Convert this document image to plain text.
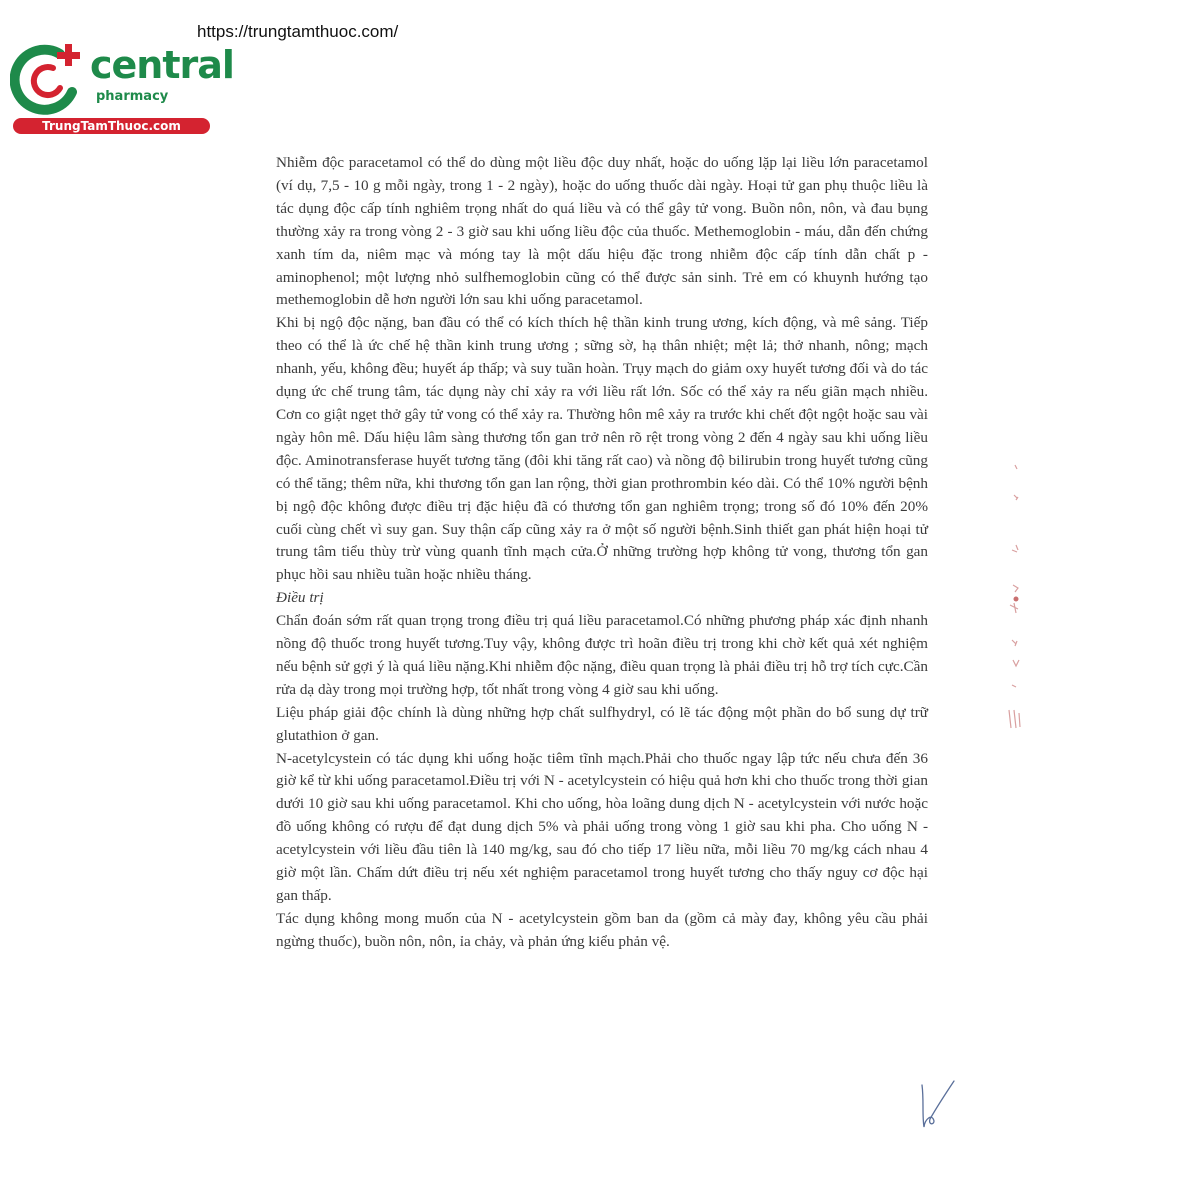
https://trungtamthuoc.com/
central
pharmacy
TrungTamThuoc.com

Nhiễm độc paracetamol có thể do dùng một liều độc duy nhất, hoặc do uống lặp lại liều lớn paracetamol (ví dụ, 7,5 - 10 g mỗi ngày, trong 1 - 2 ngày), hoặc do uống thuốc dài ngày. Hoại tử gan phụ thuộc liều là tác dụng độc cấp tính nghiêm trọng nhất do quá liều và có thể gây tử vong. Buồn nôn, nôn, và đau bụng thường xảy ra trong vòng 2 - 3 giờ sau khi uống liều độc của thuốc. Methemoglobin - máu, dẫn đến chứng xanh tím da, niêm mạc và móng tay là một dấu hiệu đặc trong nhiễm độc cấp tính dẫn chất p - aminophenol; một lượng nhỏ sulfhemoglobin cũng có thể được sản sinh. Trẻ em có khuynh hướng tạo methemoglobin dễ hơn người lớn sau khi uống paracetamol.

Khi bị ngộ độc nặng, ban đầu có thể có kích thích hệ thần kinh trung ương, kích động, và mê sảng. Tiếp theo có thể là ức chế hệ thần kinh trung ương ; sững sờ, hạ thân nhiệt; mệt lả; thở nhanh, nông; mạch nhanh, yếu, không đều; huyết áp thấp; và suy tuần hoàn. Trụy mạch do giảm oxy huyết tương đối và do tác dụng ức chế trung tâm, tác dụng này chỉ xảy ra với liều rất lớn. Sốc có thể xảy ra nếu giãn mạch nhiều. Cơn co giật ngẹt thở gây tử vong có thể xảy ra. Thường hôn mê xảy ra trước khi chết đột ngột hoặc sau vài ngày hôn mê. Dấu hiệu lâm sàng thương tổn gan trở nên rõ rệt trong vòng 2 đến 4 ngày sau khi uống liều độc. Aminotransferase huyết tương tăng (đôi khi tăng rất cao) và nồng độ bilirubin trong huyết tương cũng có thể tăng; thêm nữa, khi thương tổn gan lan rộng, thời gian prothrombin kéo dài. Có thể 10% người bệnh bị ngộ độc không được điều trị đặc hiệu đã có thương tổn gan nghiêm trọng; trong số đó 10% đến 20% cuối cùng chết vì suy gan. Suy thận cấp cũng xảy ra ở một số người bệnh.Sinh thiết gan phát hiện hoại tử trung tâm tiểu thùy trừ vùng quanh tĩnh mạch cửa.Ở những trường hợp không tử vong, thương tổn gan phục hồi sau nhiều tuần hoặc nhiều tháng.

Điều trị

Chẩn đoán sớm rất quan trọng trong điều trị quá liều paracetamol.Có những phương pháp xác định nhanh nồng độ thuốc trong huyết tương.Tuy vậy, không được trì hoãn điều trị trong khi chờ kết quả xét nghiệm nếu bệnh sử gợi ý là quá liều nặng.Khi nhiễm độc nặng, điều quan trọng là phải điều trị hỗ trợ tích cực.Cần rửa dạ dày trong mọi trường hợp, tốt nhất trong vòng 4 giờ sau khi uống.

Liệu pháp giải độc chính là dùng những hợp chất sulfhydryl, có lẽ tác động một phần do bổ sung dự trữ glutathion ở gan.

N-acetylcystein có tác dụng khi uống hoặc tiêm tĩnh mạch.Phải cho thuốc ngay lập tức nếu chưa đến 36 giờ kể từ khi uống paracetamol.Điều trị với N - acetylcystein có hiệu quả hơn khi cho thuốc trong thời gian dưới 10 giờ sau khi uống paracetamol. Khi cho uống, hòa loãng dung dịch N - acetylcystein với nước hoặc đồ uống không có rượu để đạt dung dịch 5% và phải uống trong vòng 1 giờ sau khi pha. Cho uống N - acetylcystein với liều đầu tiên là 140 mg/kg, sau đó cho tiếp 17 liều nữa, mỗi liều 70 mg/kg cách nhau 4 giờ một lần. Chấm dứt điều trị nếu xét nghiệm paracetamol trong huyết tương cho thấy nguy cơ độc hại gan thấp.

Tác dụng không mong muốn của N - acetylcystein gồm ban da (gồm cả mày đay, không yêu cầu phải ngừng thuốc), buồn nôn, nôn, ỉa chảy, và phản ứng kiểu phản vệ.
